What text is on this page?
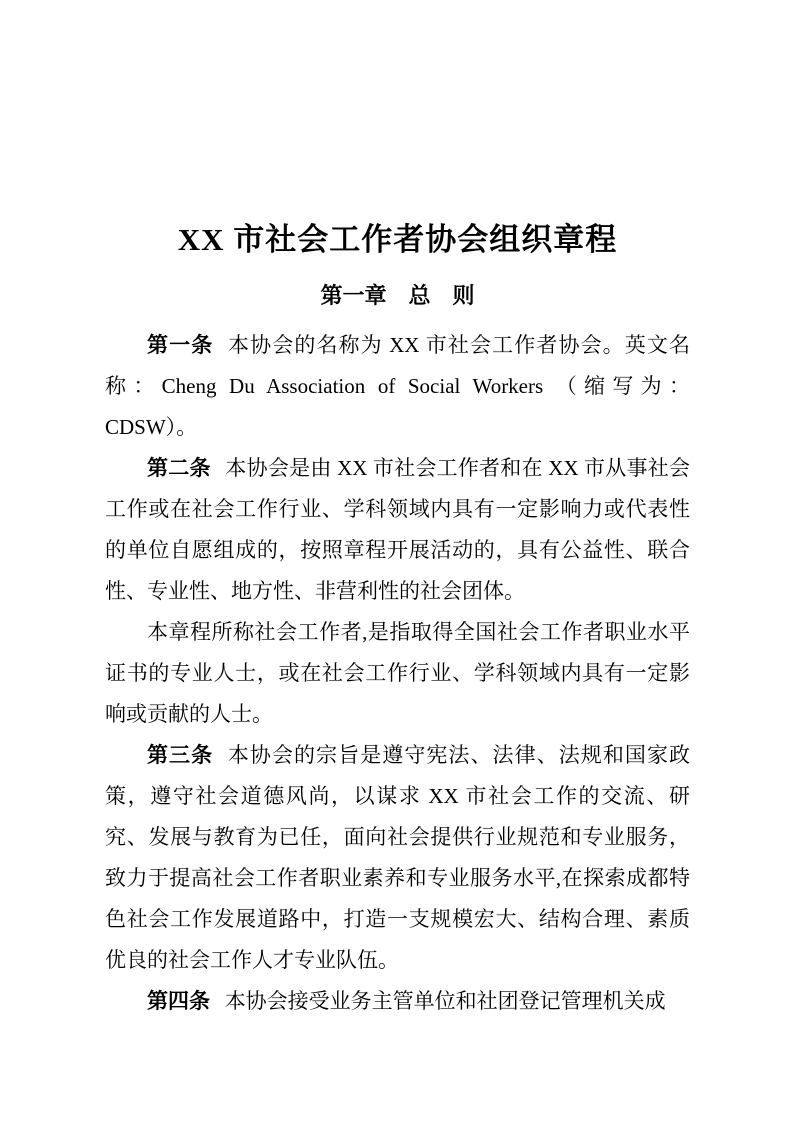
XX 市社会工作者协会组织章程
第一章　总　则

第一条 本协会的名称为 XX 市社会工作者协会。英文名称：Cheng Du Association of Social Workers （缩写为：CDSW）。

第二条 本协会是由 XX 市社会工作者和在 XX 市从事社会工作或在社会工作行业、学科领域内具有一定影响力或代表性的单位自愿组成的，按照章程开展活动的，具有公益性、联合性、专业性、地方性、非营利性的社会团体。

本章程所称社会工作者,是指取得全国社会工作者职业水平证书的专业人士，或在社会工作行业、学科领域内具有一定影响或贡献的人士。

第三条 本协会的宗旨是遵守宪法、法律、法规和国家政策，遵守社会道德风尚，以谋求 XX 市社会工作的交流、研究、发展与教育为已任，面向社会提供行业规范和专业服务，致力于提高社会工作者职业素养和专业服务水平,在探索成都特色社会工作发展道路中，打造一支规模宏大、结构合理、素质优良的社会工作人才专业队伍。

第四条 本协会接受业务主管单位和社团登记管理机关成
